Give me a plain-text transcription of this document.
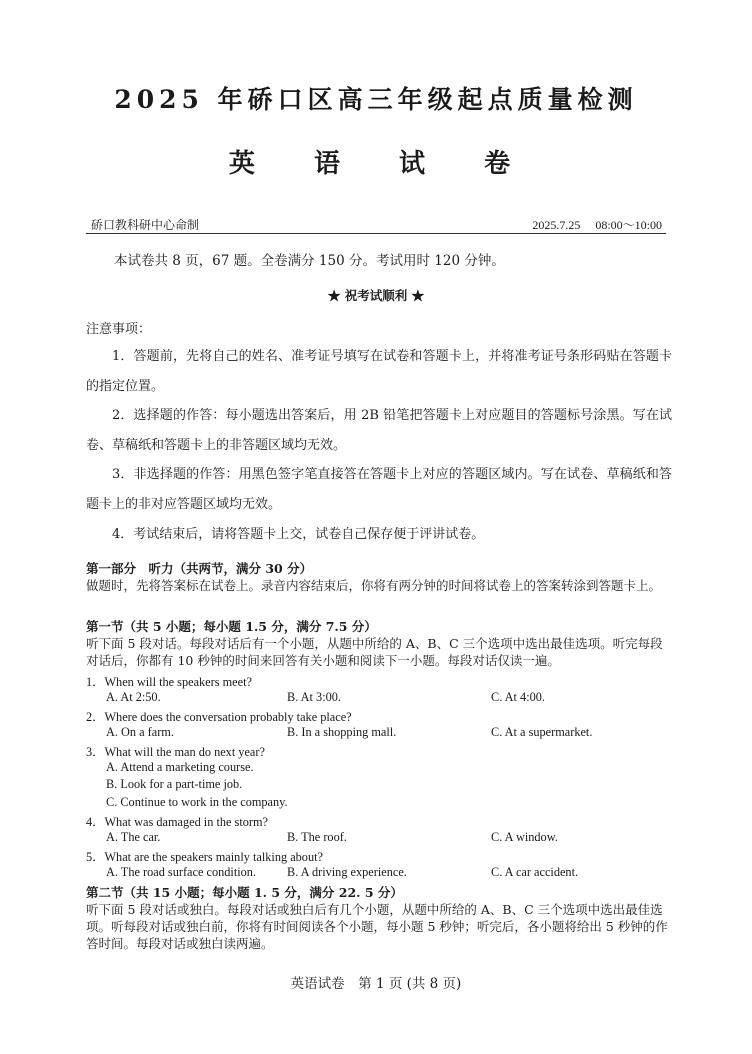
2025 年硚口区高三年级起点质量检测
英 语 试 卷
硚口教科研中心命制	2025.7.25　 08:00～10:00
本试卷共 8 页，67 题。全卷满分 150 分。考试用时 120 分钟。
★ 祝考试顺利 ★
注意事项：

1．答题前，先将自己的姓名、准考证号填写在试卷和答题卡上，并将准考证号条形码贴在答题卡的指定位置。

2．选择题的作答：每小题选出答案后，用 2B 铅笔把答题卡上对应题目的答题标号涂黑。写在试卷、草稿纸和答题卡上的非答题区域均无效。

3．非选择题的作答：用黑色签字笔直接答在答题卡上对应的答题区域内。写在试卷、草稿纸和答题卡上的非对应答题区域均无效。

4．考试结束后，请将答题卡上交，试卷自己保存便于评讲试卷。

第一部分　听力（共两节，满分 30 分）

做题时，先将答案标在试卷上。录音内容结束后，你将有两分钟的时间将试卷上的答案转涂到答题卡上。

第一节（共 5 小题；每小题 1.5 分，满分 7.5 分）

听下面 5 段对话。每段对话后有一个小题，从题中所给的 A、B、C 三个选项中选出最佳选项。听完每段对话后，你都有 10 秒钟的时间来回答有关小题和阅读下一小题。每段对话仅读一遍。

1．When will the speakers meet?
A. At 2:50.	B. At 3:00.	C. At 4:00.
2．Where does the conversation probably take place?
A. On a farm.	B. In a shopping mall.	C. At a supermarket.
3．What will the man do next year?
A. Attend a marketing course.
B. Look for a part-time job.
C. Continue to work in the company.
4．What was damaged in the storm?
A. The car.	B. The roof.	C. A window.
5．What are the speakers mainly talking about?
A. The road surface condition.	B. A driving experience.	C. A car accident.

第二节（共 15 小题；每小题 1. 5 分，满分 22. 5 分）

听下面 5 段对话或独白。每段对话或独白后有几个小题，从题中所给的 A、B、C 三个选项中选出最佳选项。听每段对话或独白前，你将有时间阅读各个小题，每小题 5 秒钟；听完后，各小题将给出 5 秒钟的作答时间。每段对话或独白读两遍。

英语试卷　第 1 页 (共 8 页)
